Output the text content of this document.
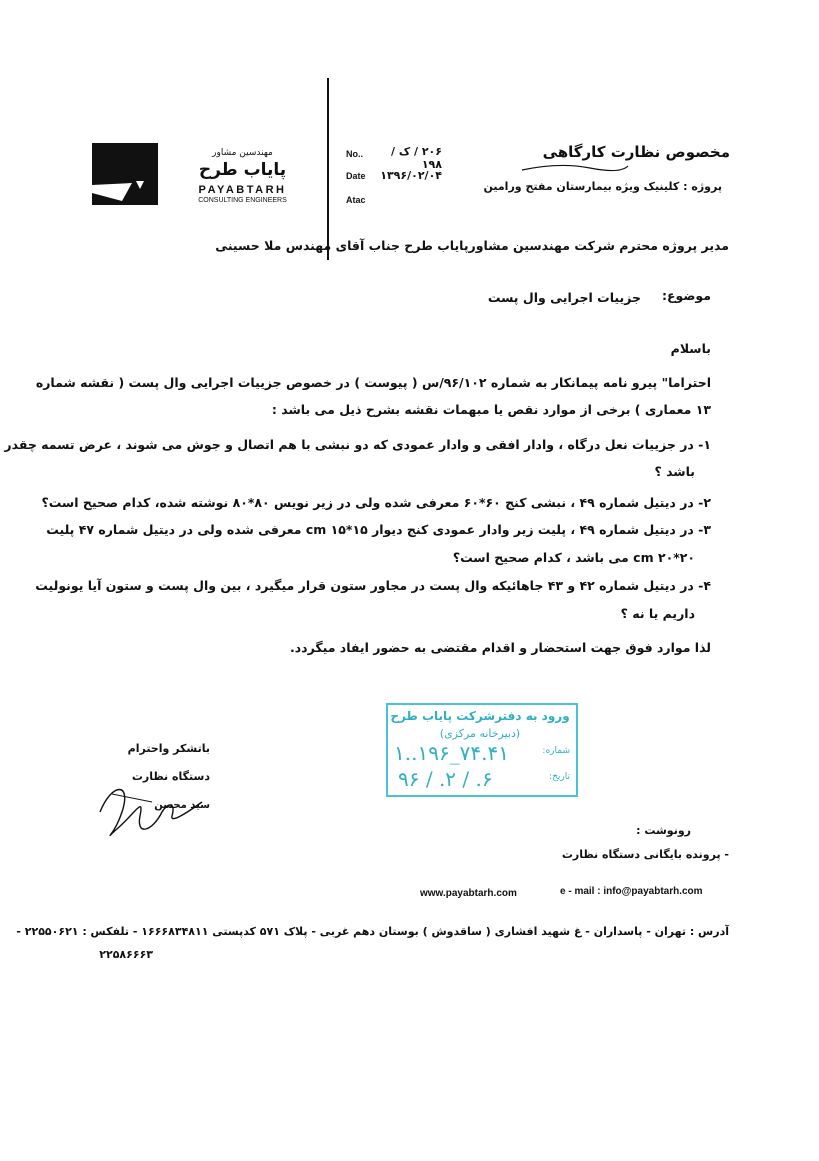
مهندسین مشاور
پایاب طرح
PAYABTARH
CONSULTING ENGINEERS
No..	۲۰۶ / ک / ۱۹۸
Date	۱۳۹۶/۰۲/۰۴
Atac
مخصوص نظارت کارگاهی
پروژه : کلینیک ویژه بیمارستان مفتح ورامین
مدیر پروژه محترم شرکت مهندسین مشاورپایاب طرح جناب آقای مهندس ملا حسینی
موضوع:
جزییات اجرایی وال پست
باسلام
احتراما" پیرو نامه پیمانکار به شماره ۹۶/۱۰۲/س ( پیوست ) در خصوص جزییات اجرایی وال پست ( نقشه شماره
۱۳ معماری ) برخی از موارد نقص یا مبهمات نقشه بشرح ذیل می باشد :
۱- در جزییات نعل درگاه ، وادار افقی و وادار عمودی که دو نبشی با هم اتصال و جوش می شوند ، عرض تسمه چقدر
باشد ؟
۲- در دیتیل شماره ۴۹ ، نبشی کنج ۶۰*۶۰ معرفی شده ولی در زیر نویس ۸۰*۸۰ نوشته شده، کدام صحیح است؟
۳- در دیتیل شماره ۴۹ ، پلیت زیر وادار عمودی کنج دیوار cm ۱۵*۱۵ معرفی شده ولی در دیتیل شماره ۴۷ پلیت
cm ۲۰*۲۰ می باشد ، کدام صحیح است؟
۴- در دیتیل شماره ۴۲ و ۴۳ جاهائیکه وال پست در مجاور ستون قرار میگیرد ، بین وال پست و ستون آیا یونولیت
داریم یا نه ؟
لذا موارد فوق جهت استحضار و اقدام مقتضی به حضور ایفاد میگردد.
ورود به دفترشرکت پایاب طرح
(دبیرخانه مرکزی)
شماره:
۱..۱۹۶_۷۴.۴۱
تاریخ:
۹۶ / .۲ / .۶
باتشکر واحترام
دستگاه نظارت
سید محسن
رونوشت :
- پرونده بایگانی دستگاه نظارت
www.payabtarh.com	e - mail : info@payabtarh.com
آدرس : تهران - پاسداران - غ شهید افشاری ( ساقدوش ) بوستان دهم غربی - پلاک ۵۷۱ کدپستی ۱۶۶۶۸۳۴۸۱۱ - تلفکس : ۲۲۵۵۰۶۲۱ -
۲۲۵۸۶۶۶۳
